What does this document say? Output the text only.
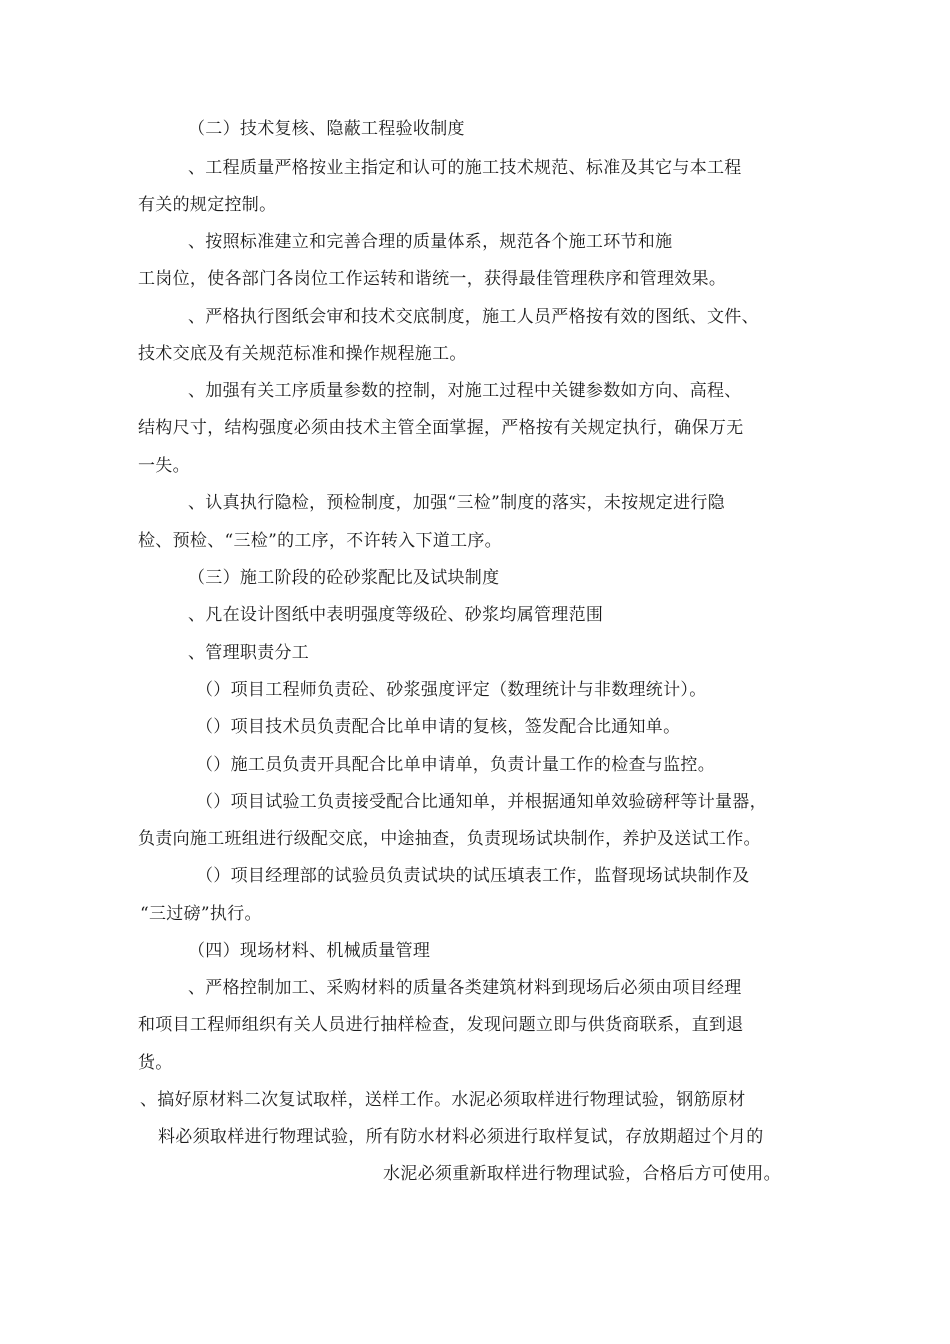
（二）技术复核、隐蔽工程验收制度
、工程质量严格按业主指定和认可的施工技术规范、标准及其它与本工程
有关的规定控制。
、按照标准建立和完善合理的质量体系，规范各个施工环节和施
工岗位，使各部门各岗位工作运转和谐统一，获得最佳管理秩序和管理效果。
、严格执行图纸会审和技术交底制度，施工人员严格按有效的图纸、文件、
技术交底及有关规范标准和操作规程施工。
、加强有关工序质量参数的控制，对施工过程中关键参数如方向、高程、
结构尺寸，结构强度必须由技术主管全面掌握，严格按有关规定执行，确保万无
一失。
、认真执行隐检，预检制度，加强“三检”制度的落实，未按规定进行隐
检、预检、“三检”的工序，不许转入下道工序。
（三）施工阶段的砼砂浆配比及试块制度
、凡在设计图纸中表明强度等级砼、砂浆均属管理范围
、管理职责分工
（）项目工程师负责砼、砂浆强度评定（数理统计与非数理统计）。
（）项目技术员负责配合比单申请的复核，签发配合比通知单。
（）施工员负责开具配合比单申请单，负责计量工作的检查与监控。
（）项目试验工负责接受配合比通知单，并根据通知单效验磅秤等计量器，
负责向施工班组进行级配交底，中途抽查，负责现场试块制作，养护及送试工作。
（）项目经理部的试验员负责试块的试压填表工作，监督现场试块制作及
“三过磅”执行。
（四）现场材料、机械质量管理
、严格控制加工、采购材料的质量各类建筑材料到现场后必须由项目经理
和项目工程师组织有关人员进行抽样检查，发现问题立即与供货商联系，直到退
货。
、搞好原材料二次复试取样，送样工作。水泥必须取样进行物理试验，钢筋原材
料必须取样进行物理试验，所有防水材料必须进行取样复试，存放期超过个月的
水泥必须重新取样进行物理试验，合格后方可使用。
